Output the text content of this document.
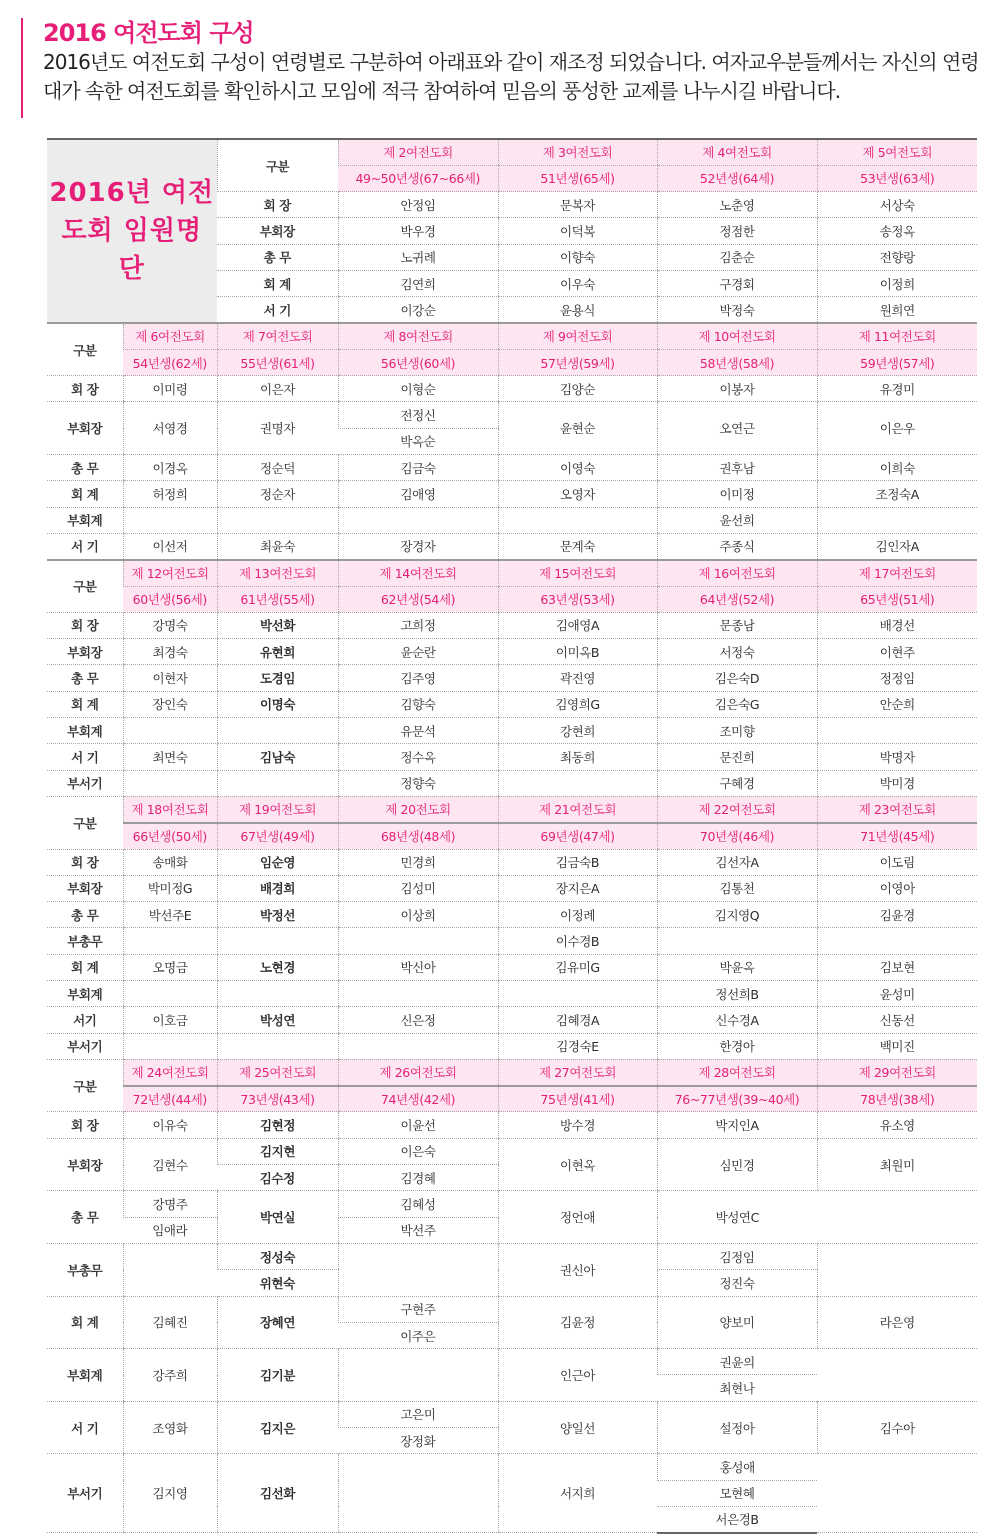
2016 여전도회 구성
2016년도 여전도회 구성이 연령별로 구분하여 아래표와 같이 재조정 되었습니다. 여자교우분들께서는 자신의 연령대가 속한 여전도회를 확인하시고 모임에 적극 참여하여 믿음의 풍성한 교제를 나누시길 바랍니다.
2016년 여전도회 임원명단		구분	제 2여전도회	제 3여전도회	제 4여전도회	제 5여전도회
			49~50년생(67~66세)	51년생(65세)	52년생(64세)	53년생(63세)
		회 장	안정임	문복자	노춘영	서상숙
		부회장	박우경	이덕복	정점한	송정옥
		총 무	노귀례	이향숙	김춘순	전향랑
		회 계	김연희	이우숙	구경회	이정희
		서 기	이강순	윤용식	박정숙	원희연
구분	제 6여전도회	제 7여전도회	제 8여전도회	제 9여전도회	제 10여전도회	제 11여전도회
	54년생(62세)	55년생(61세)	56년생(60세)	57년생(59세)	58년생(58세)	59년생(57세)
회 장	이미령	이은자	이형순	김양순	이봉자	유경미
부회장	서영경	권명자	전정신	윤현순	오연근	이은우
			박옥순			
총 무	이경옥	정순덕	김금숙	이영숙	권후남	이희숙
회 계	허정희	정순자	김애영	오영자	이미정	조정숙A
부회계					윤선희	
서 기	이선저	최윤숙	장경자	문계숙	주종식	김인자A
구분	제 12여전도회	제 13여전도회	제 14여전도회	제 15여전도회	제 16여전도회	제 17여전도회
	60년생(56세)	61년생(55세)	62년생(54세)	63년생(53세)	64년생(52세)	65년생(51세)
회 장	강명숙	박선화	고희정	김애영A	문종남	배경선
부회장	최경숙	유현희	윤순란	이미옥B	서정숙	이현주
총 무	이현자	도경임	김주영	곽진영	김은숙D	정정임
회 계	장인숙	이명숙	김향숙	김영희G	김은숙G	안순희
부회계			유문석	강현희	조미향	
서 기	최면숙	김남숙	정수옥	최동희	문진희	박명자
부서기			정향숙		구혜경	박미경
구분	제 18여전도회	제 19여전도회	제 20전도회	제 21여전도회	제 22여전도회	제 23여전도회
	66년생(50세)	67년생(49세)	68년생(48세)	69년생(47세)	70년생(46세)	71년생(45세)
회 장	송매화	임순영	민경희	김금숙B	김선자A	이도림
부회장	박미정G	배경희	김성미	장지은A	김통천	이영아
총 무	박선주E	박정선	이상희	이정례	김지영Q	김윤경
부총무				이수경B		
회 계	오명금	노현경	박신아	김유미G	박윤옥	김보현
부회계					정선희B	윤성미
서기	이호금	박성연	신은정	김혜경A	신수경A	신동선
부서기				김경숙E	한경아	백미진
구분	제 24여전도회	제 25여전도회	제 26여전도회	제 27여전도회	제 28여전도회	제 29여전도회
	72년생(44세)	73년생(43세)	74년생(42세)	75년생(41세)	76~77년생(39~40세)	78년생(38세)
회 장	이유숙	김현정	이윤선	방수경	박지인A	유소영
부회장	김현수	김지현	이은숙	이현옥	심민경	최원미
		김수정	김경혜			
총 무	강명주	박연실	김혜성	정언애	박성연C	
	임애라		박선주			
부총무		정성숙		권신아	김정임	
		위현숙			정진숙	
회 계	김혜진	장혜연	구현주	김윤정	양보미	라은영
			이주은			
부회계	강주희	김기분		인근아	권윤의	
					최현나	
서 기	조영화	김지은	고은미	양일선	설정아	김수아
			장정화			
부서기	김지영	김선화		서지희	홍성애	
					모현혜	
					서은경B	
